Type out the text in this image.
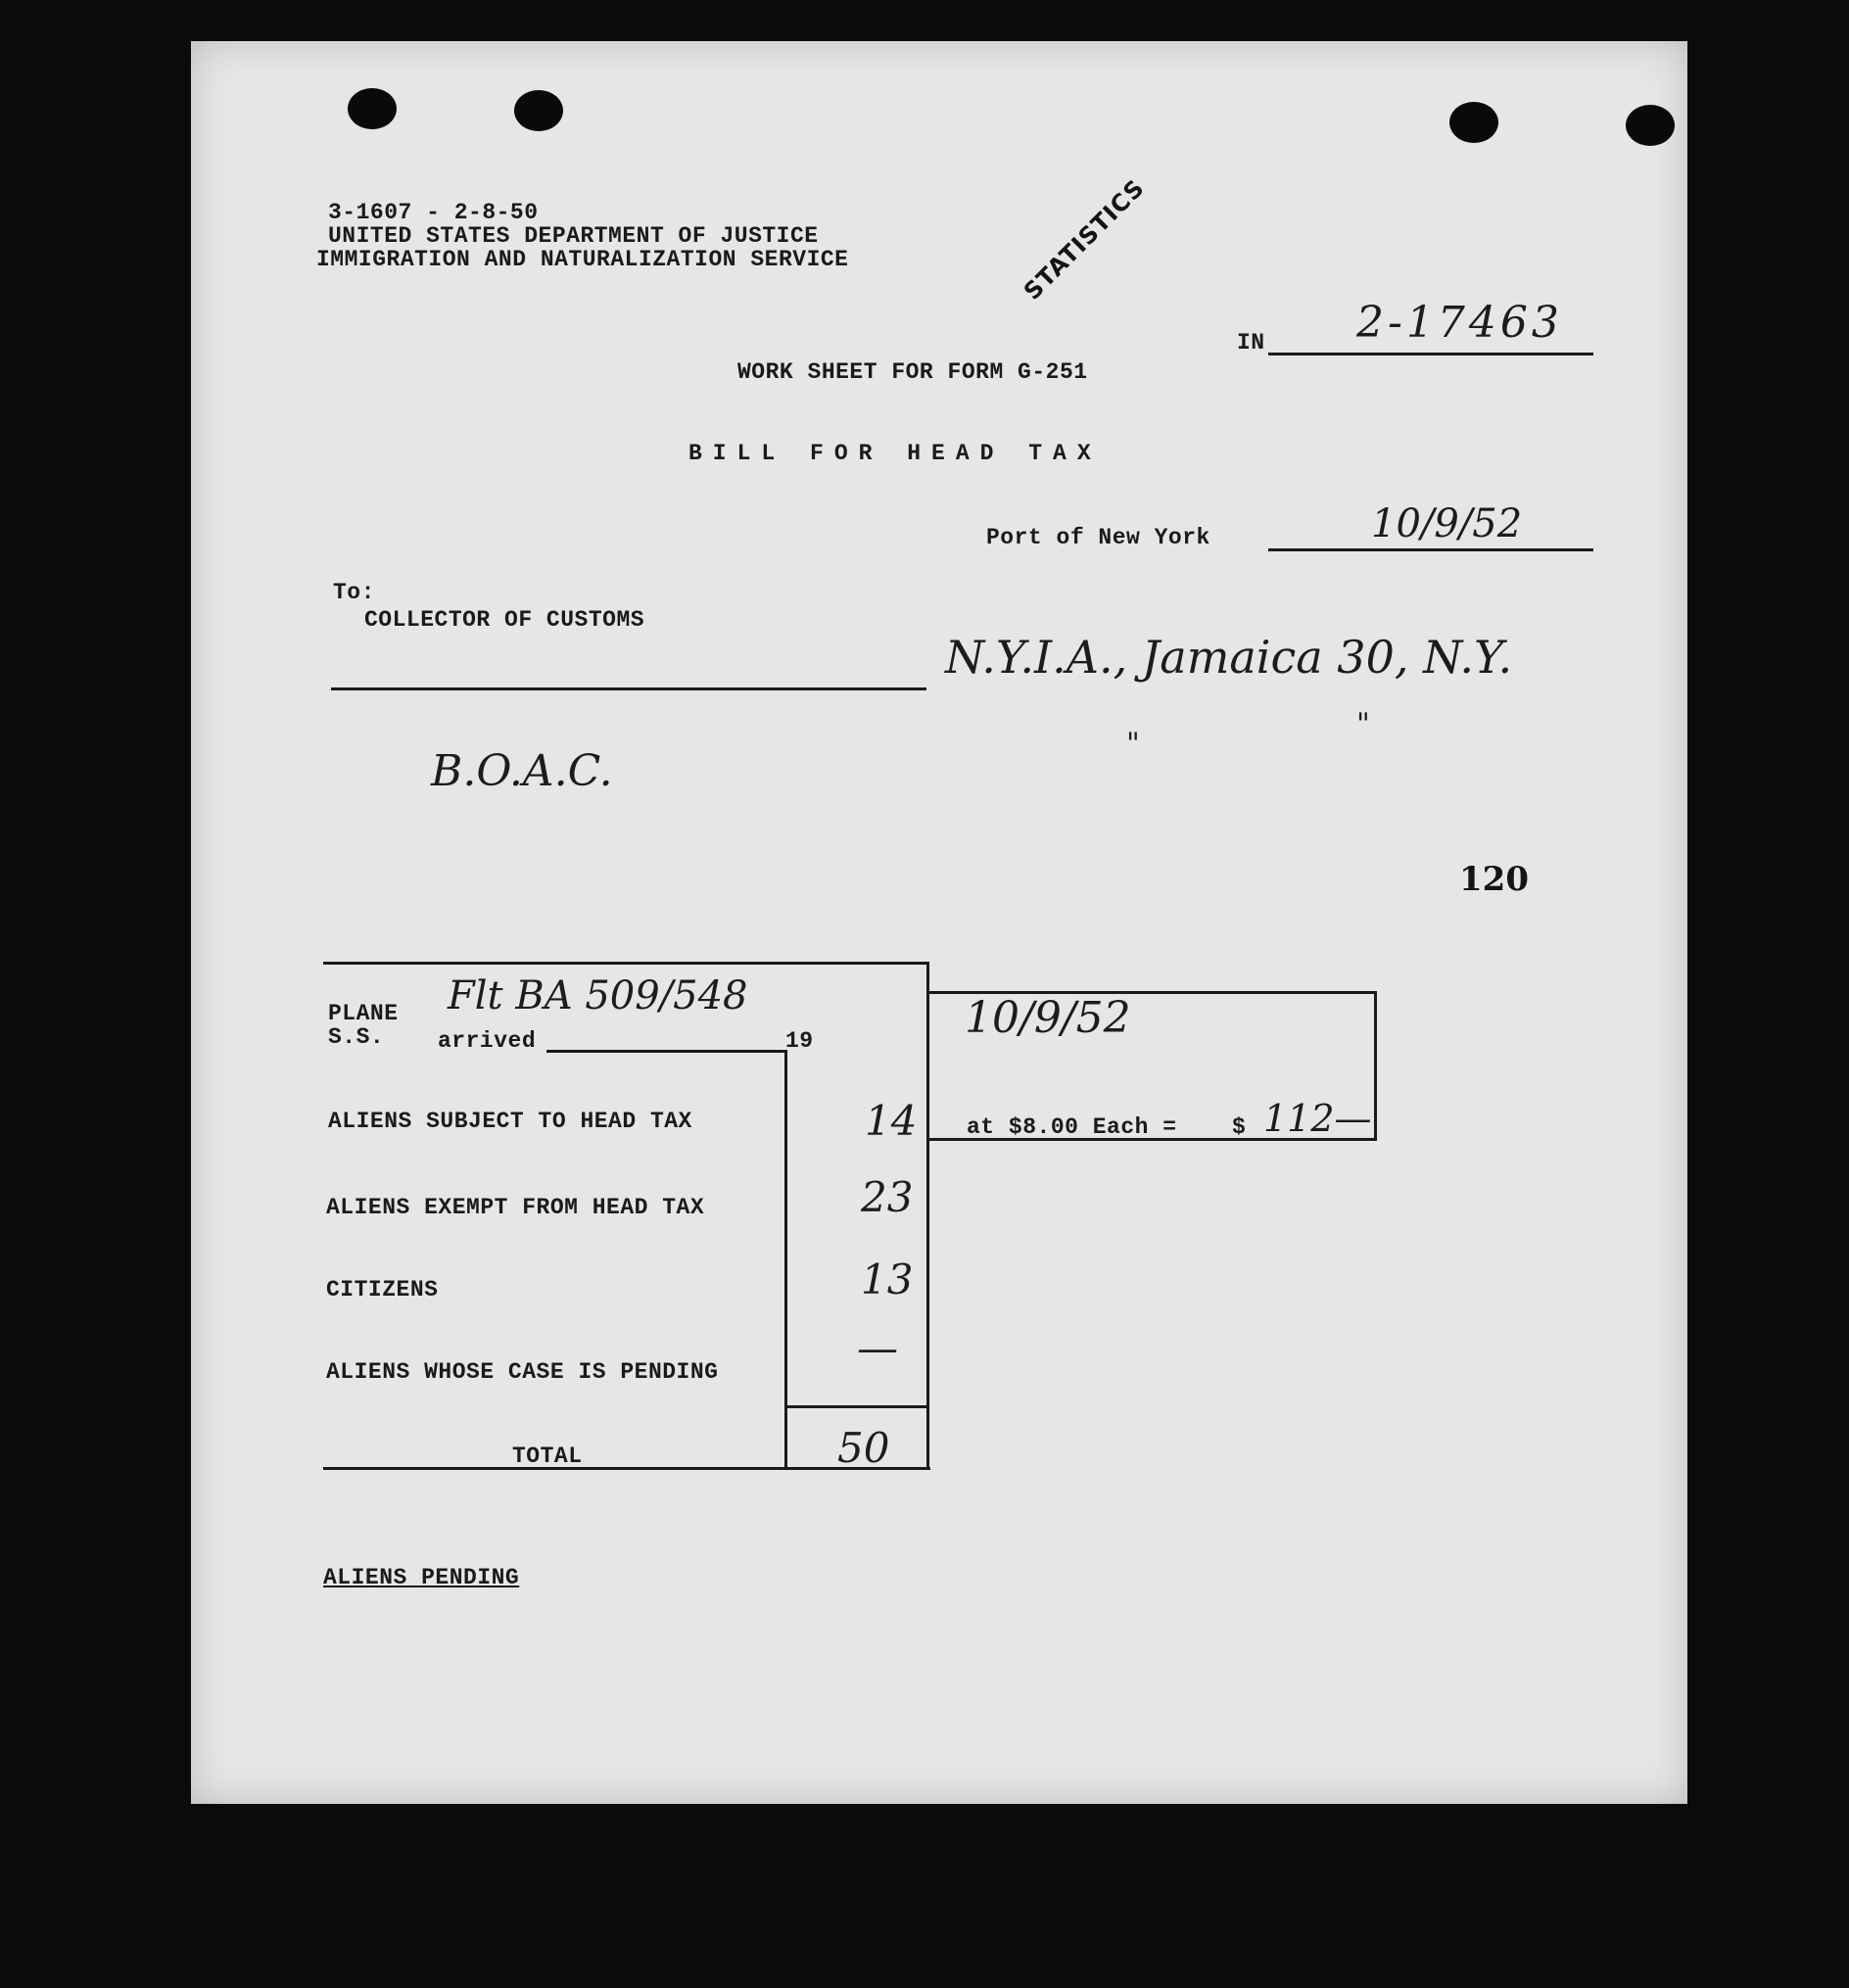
3-1607 - 2-8-50
UNITED STATES DEPARTMENT OF JUSTICE
IMMIGRATION AND NATURALIZATION SERVICE	STATISTICS
IN 2-17463
WORK SHEET FOR FORM G-251
BILL FOR HEAD TAX
Port of New York	10/9/52
To:
COLLECTOR OF CUSTOMS
N.Y.I.A., Jamaica 30, N.Y.
"
"
B.O.A.C.
120
PLANE
S.S. arrived	19
Flt BA 509/548	10/9/52
ALIENS SUBJECT TO HEAD TAX	14 at $8.00 Each = $ 112—
ALIENS EXEMPT FROM HEAD TAX	23
CITIZENS	13
ALIENS WHOSE CASE IS PENDING	—
TOTAL	50
ALIENS PENDING
